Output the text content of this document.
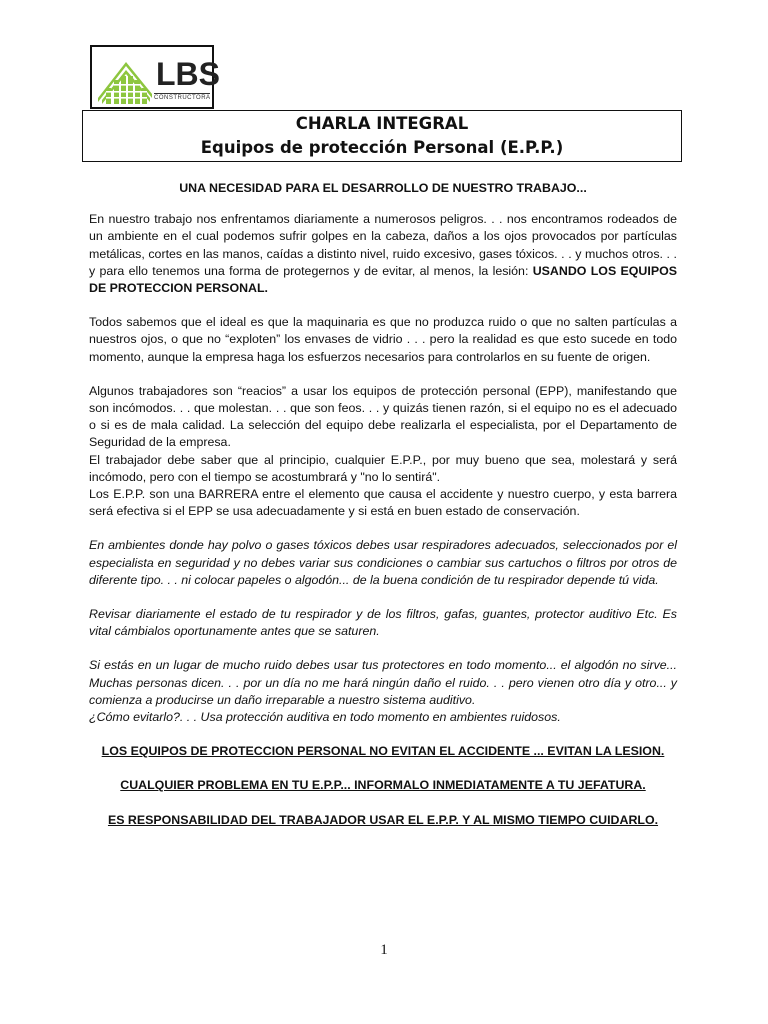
LBS
CONSTRUCTORA
CHARLA INTEGRAL
Equipos de protección Personal (E.P.P.)

UNA NECESIDAD PARA EL DESARROLLO DE NUESTRO TRABAJO...

En nuestro trabajo nos enfrentamos diariamente a numerosos peligros. . . nos encontramos rodeados de un ambiente en el cual podemos sufrir golpes en la cabeza, daños a los ojos provocados por partículas metálicas, cortes en las manos, caídas a distinto nivel, ruido excesivo, gases tóxicos. . . y muchos otros. . . y para ello tenemos una forma de protegernos y de evitar, al menos, la lesión: USANDO LOS EQUIPOS DE PROTECCION PERSONAL.

Todos sabemos que el ideal es que la maquinaria es que no produzca ruido o que no salten partículas a nuestros ojos, o que no “exploten” los envases de vidrio . . . pero la realidad es que esto sucede en todo momento, aunque la empresa haga los esfuerzos necesarios para controlarlos en su fuente de origen.

Algunos trabajadores son “reacios” a usar los equipos de protección personal (EPP), manifestando que son incómodos. . . que molestan. . . que son feos. . . y quizás tienen razón, si el equipo no es el adecuado o si es de mala calidad. La selección del equipo debe realizarla el especialista, por el Departamento de Seguridad de la empresa.

El trabajador debe saber que al principio, cualquier E.P.P., por muy bueno que sea, molestará y será incómodo, pero con el tiempo se acostumbrará y "no lo sentirá".

Los E.P.P. son una BARRERA entre el elemento que causa el accidente y nuestro cuerpo, y esta barrera será efectiva si el EPP se usa adecuadamente y si está en buen estado de conservación.

En ambientes donde hay polvo o gases tóxicos debes usar respiradores adecuados, seleccionados por el especialista en seguridad y no debes variar sus condiciones o cambiar sus cartuchos o filtros por otros de diferente tipo. . . ni colocar papeles o algodón... de la buena condición de tu respirador depende tú vida.

Revisar diariamente el estado de tu respirador y de los filtros, gafas, guantes, protector auditivo Etc. Es vital cámbialos oportunamente antes que se saturen.

Si estás en un lugar de mucho ruido debes usar tus protectores en todo momento... el algodón no sirve... Muchas personas dicen. . . por un día no me hará ningún daño el ruido. . . pero vienen otro día y otro... y comienza a producirse un daño irreparable a nuestro sistema auditivo.

¿Cómo evitarlo?. . . Usa protección auditiva en todo momento en ambientes ruidosos.

LOS EQUIPOS DE PROTECCION PERSONAL NO EVITAN EL ACCIDENTE ... EVITAN LA LESION.

CUALQUIER PROBLEMA EN TU E.P.P... INFORMALO INMEDIATAMENTE A TU JEFATURA.

ES RESPONSABILIDAD DEL TRABAJADOR USAR EL E.P.P. Y AL MISMO TIEMPO CUIDARLO.

1
